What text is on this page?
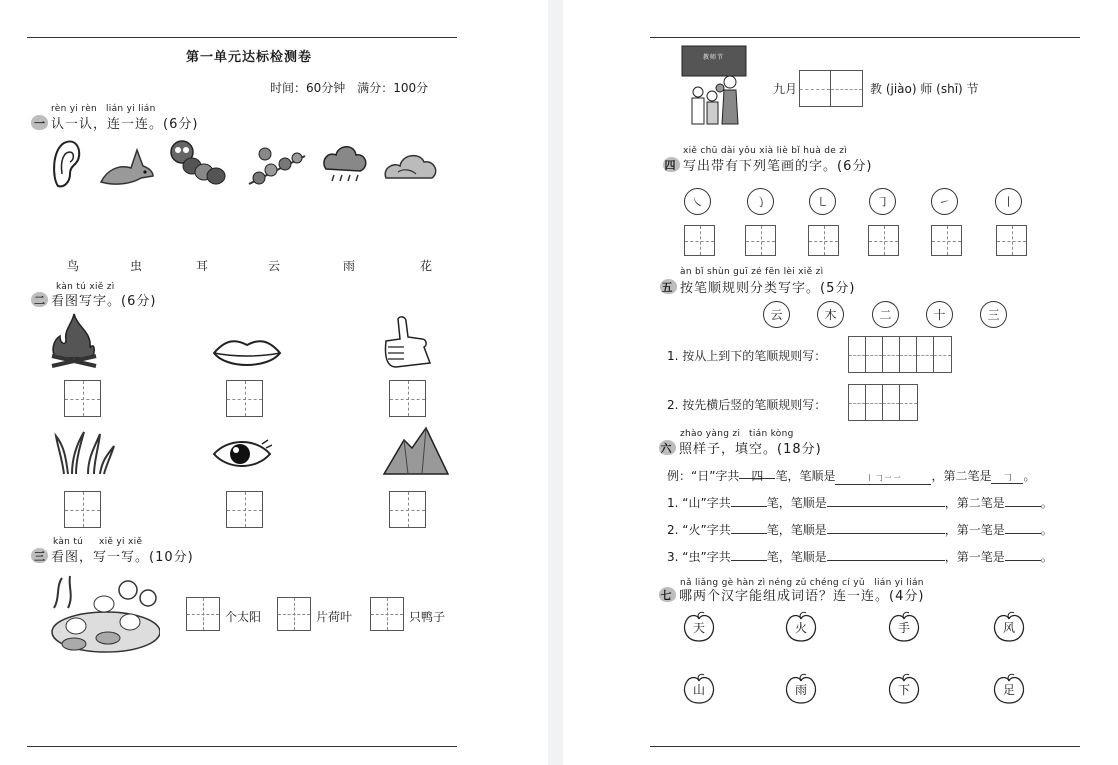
第一单元达标检测卷
时间：60分钟　满分：100分
rèn yi rèn lián yi lián
一 认一认，连一连。(6分)
鸟	虫	耳	云	雨	花
kàn tú xiě zì
二 看图写字。(6分)
kàn tú xiě yi xiě
三 看图，写一写。(10分)
个太阳	片荷叶	只鸭子
教师节
九月	教 (jiào) 师 (shī) 节
xiě chū dài yǒu xià liè bǐ huà de zì
四 写出带有下列笔画的字。(6分)
㇏	㇁	㇄	㇆	㇀	㇑
àn bǐ shùn guī zé fēn lèi xiě zì
五 按笔顺规则分类写字。(5分)
云	木	二	十	三
1. 按从上到下的笔顺规则写：
2. 按先横后竖的笔顺规则写：
zhào yàng zi tián kòng
六 照样子，填空。(18分)
例：“日”字共 四 笔，笔顺是	丨 𠃌 一 一	，第二笔是 𠃌 。
1. “山”字共	笔，笔顺是	，第二笔是	。
2. “火”字共	笔，笔顺是	，第一笔是	。
3. “虫”字共	笔，笔顺是	，第一笔是	。
nǎ liǎng gè hàn zì néng zǔ chéng cí yǔ　lián yi lián
七 哪两个汉字能组成词语？连一连。(4分)
天	火	手	风
山	雨	下	足
